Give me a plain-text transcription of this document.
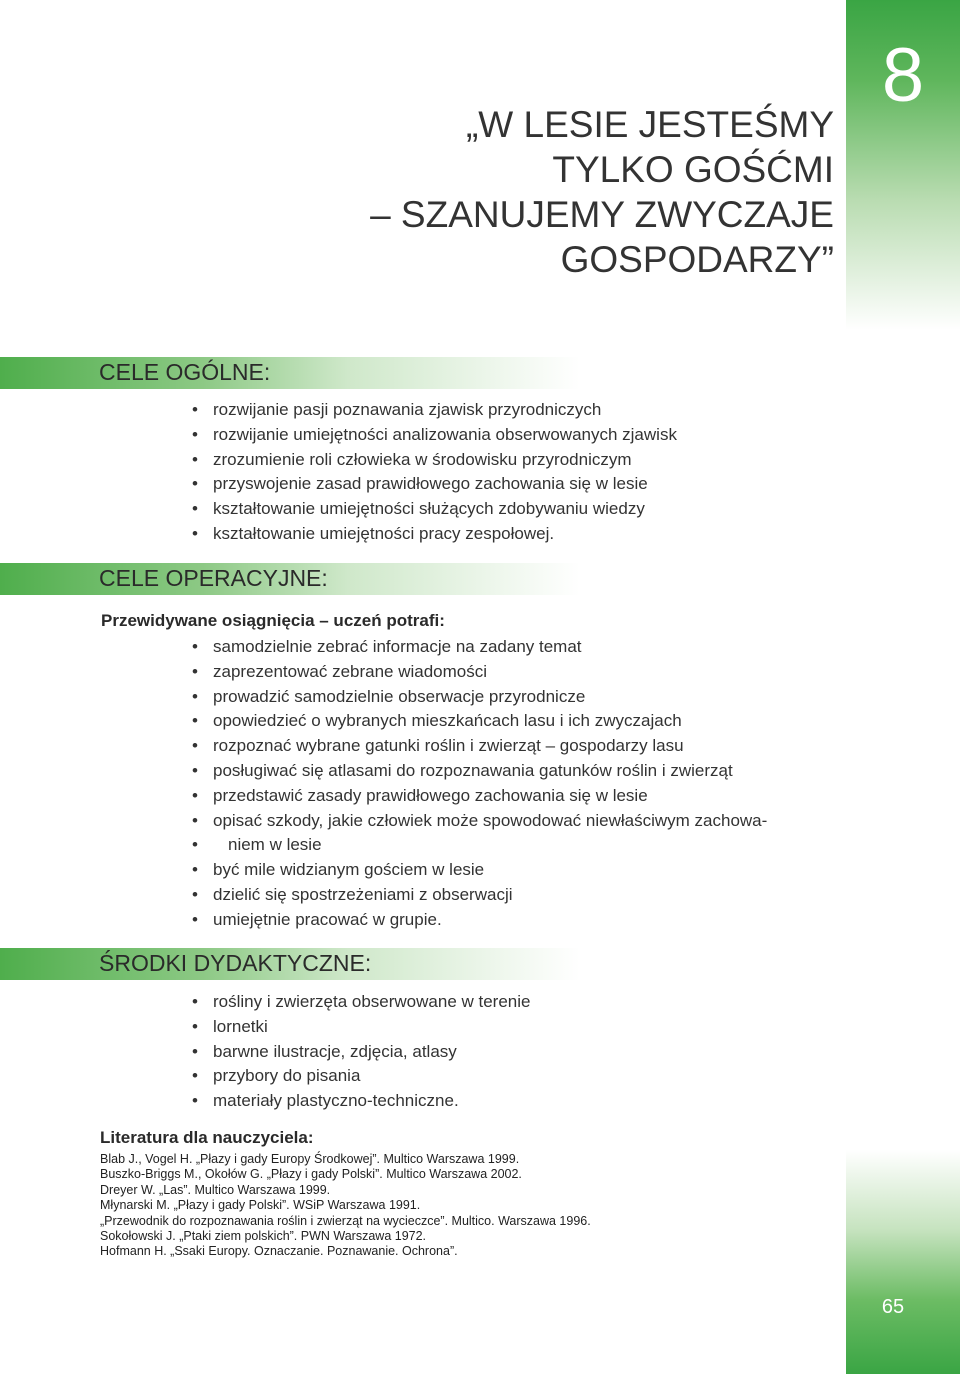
8
65
„W LESIE JESTEŚMY
TYLKO GOŚĆMI
– SZANUJEMY ZWYCZAJE
GOSPODARZY”
CELE OGÓLNE:
• rozwijanie pasji poznawania zjawisk przyrodniczych
• rozwijanie umiejętności analizowania obserwowanych zjawisk
• zrozumienie roli człowieka w środowisku przyrodniczym
• przyswojenie zasad prawidłowego zachowania się w lesie
• kształtowanie umiejętności służących zdobywaniu wiedzy
• kształtowanie umiejętności pracy zespołowej.
CELE OPERACYJNE:
Przewidywane osiągnięcia – uczeń potrafi:
• samodzielnie zebrać informacje na zadany temat
• zaprezentować zebrane wiadomości
• prowadzić samodzielnie obserwacje przyrodnicze
• opowiedzieć o wybranych mieszkańcach lasu i ich zwyczajach
• rozpoznać wybrane gatunki roślin i zwierząt – gospodarzy lasu
• posługiwać się atlasami do rozpoznawania gatunków roślin i zwierząt
• przedstawić zasady prawidłowego zachowania się w lesie
• opisać szkody, jakie człowiek może spowodować niewłaściwym zachowa-
• niem w lesie
• być mile widzianym gościem w lesie
• dzielić się spostrzeżeniami z obserwacji
• umiejętnie pracować w grupie.
ŚRODKI DYDAKTYCZNE:
• rośliny i zwierzęta obserwowane w terenie
• lornetki
• barwne ilustracje, zdjęcia, atlasy
• przybory do pisania
• materiały plastyczno-techniczne.
Literatura dla nauczyciela:
Blab J., Vogel H. „Płazy i gady Europy Środkowej”. Multico Warszawa 1999.
Buszko-Briggs M., Okołów G. „Płazy i gady Polski”. Multico Warszawa 2002.
Dreyer W. „Las”. Multico Warszawa 1999.
Młynarski M. „Płazy i gady Polski”. WSiP Warszawa 1991.
„Przewodnik do rozpoznawania roślin i zwierząt na wycieczce”. Multico. Warszawa 1996.
Sokołowski J. „Ptaki ziem polskich”. PWN Warszawa 1972.
Hofmann H. „Ssaki Europy. Oznaczanie. Poznawanie. Ochrona”.
